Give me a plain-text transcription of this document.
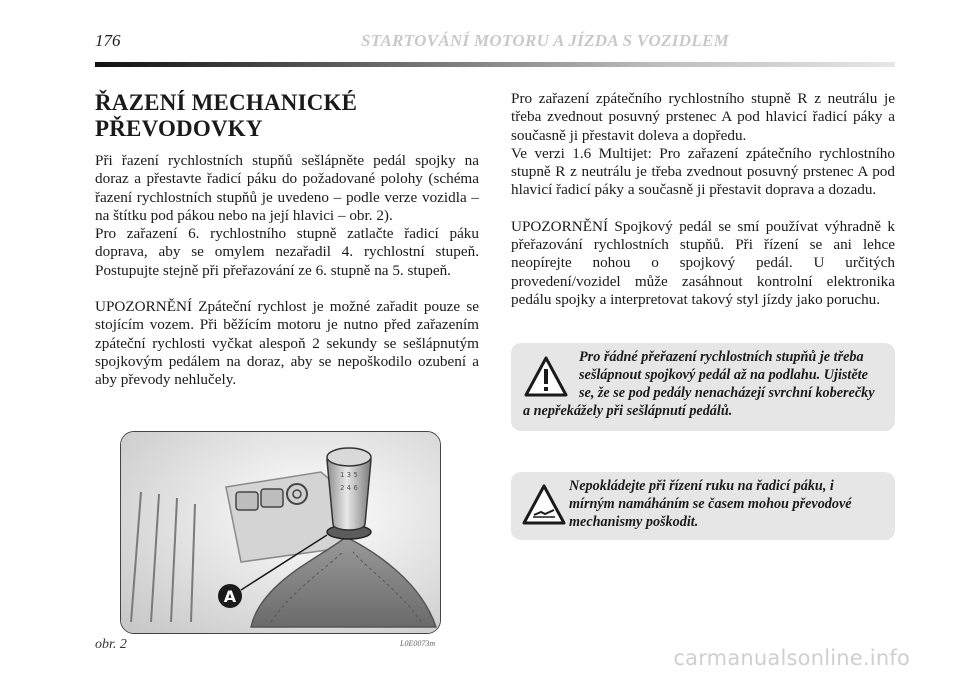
176	STARTOVÁNÍ MOTORU A JÍZDA S VOZIDLEM
ŘAZENÍ MECHANICKÉ
PŘEVODOVKY

Při řazení rychlostních stupňů sešlápněte pedál spojky na doraz a přestavte řadicí páku do požadované polohy (schéma řazení rychlostních stupňů je uvedeno – podle verze vozidla – na štítku pod pákou nebo na její hlavici – obr. 2).

Pro zařazení 6. rychlostního stupně zatlačte řadicí páku doprava, aby se omylem nezařadil 4. rychlostní stupeň. Postupujte stejně při přeřazování ze 6. stupně na 5. stupeň.

UPOZORNĚNÍ Zpáteční rychlost je možné zařadit pouze se stojícím vozem. Při běžícím motoru je nutno před zařazením zpáteční rychlosti vyčkat alespoň 2 sekundy se sešlápnutým spojkovým pedálem na doraz, aby se nepoškodilo ozubení a aby převody nehlučely.

Pro zařazení zpátečního rychlostního stupně R z neutrálu je třeba zvednout posuvný prstenec A pod hlavicí řadicí páky a současně ji přestavit doleva a dopředu.

Ve verzi 1.6 Multijet: Pro zařazení zpátečního rychlostního stupně R z neutrálu je třeba zvednout posuvný prstenec A pod hlavicí řadicí páky a současně ji přestavit doprava a dozadu.

UPOZORNĚNÍ Spojkový pedál se smí používat výhradně k přeřazování rychlostních stupňů. Při řízení se ani lehce neopírejte nohou o spojkový pedál. U určitých provedení/vozidel může zasáhnout kontrolní elektronika pedálu spojky a interpretovat takový styl jízdy jako poruchu.

Pro řádné přeřazení rychlostních stupňů je třeba sešlápnout spojkový pedál až na podlahu. Ujistěte se, že se pod pedály nenacházejí svrchní koberečky a nepřekážely při sešlápnutí pedálů.
Nepokládejte při řízení ruku na řadicí páku, i mírným namáháním se časem mohou převodové mechanismy poškodit.
1 3 5
2 4 6
A
obr. 2	L0E0073m
carmanualsonline.info
